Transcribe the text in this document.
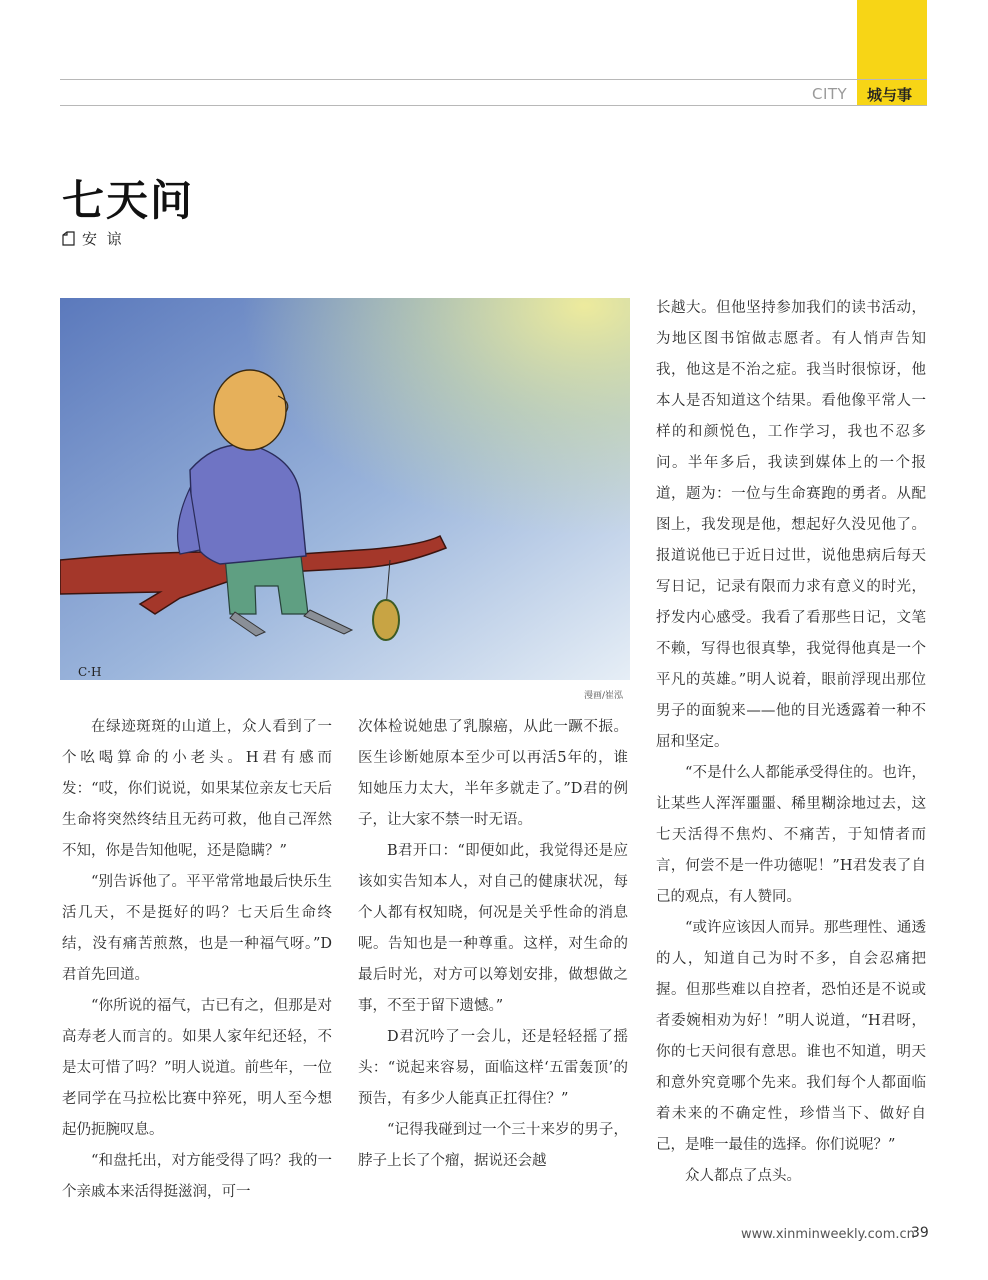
CITY 城与事
七天问
安  谅
C·H
漫画/崔泓

在绿迹斑斑的山道上，众人看到了一个吆喝算命的小老头。H君有感而发：“哎，你们说说，如果某位亲友七天后生命将突然终结且无药可救，他自己浑然不知，你是告知他呢，还是隐瞒？”

“别告诉他了。平平常常地最后快乐生活几天，不是挺好的吗？七天后生命终结，没有痛苦煎熬，也是一种福气呀。”D君首先回道。

“你所说的福气，古已有之，但那是对高寿老人而言的。如果人家年纪还轻，不是太可惜了吗？”明人说道。前些年，一位老同学在马拉松比赛中猝死，明人至今想起仍扼腕叹息。

“和盘托出，对方能受得了吗？我的一个亲戚本来活得挺滋润，可一

次体检说她患了乳腺癌，从此一蹶不振。医生诊断她原本至少可以再活5年的，谁知她压力太大，半年多就走了。”D君的例子，让大家不禁一时无语。

B君开口：“即便如此，我觉得还是应该如实告知本人，对自己的健康状况，每个人都有权知晓，何况是关乎性命的消息呢。告知也是一种尊重。这样，对生命的最后时光，对方可以筹划安排，做想做之事，不至于留下遗憾。”

D君沉吟了一会儿，还是轻轻摇了摇头：“说起来容易，面临这样‘五雷轰顶’的预告，有多少人能真正扛得住？”

“记得我碰到过一个三十来岁的男子，脖子上长了个瘤，据说还会越

长越大。但他坚持参加我们的读书活动，为地区图书馆做志愿者。有人悄声告知我，他这是不治之症。我当时很惊讶，他本人是否知道这个结果。看他像平常人一样的和颜悦色，工作学习，我也不忍多问。半年多后，我读到媒体上的一个报道，题为：一位与生命赛跑的勇者。从配图上，我发现是他，想起好久没见他了。报道说他已于近日过世，说他患病后每天写日记，记录有限而力求有意义的时光，抒发内心感受。我看了看那些日记，文笔不赖，写得也很真挚，我觉得他真是一个平凡的英雄。”明人说着，眼前浮现出那位男子的面貌来——他的目光透露着一种不屈和坚定。

“不是什么人都能承受得住的。也许，让某些人浑浑噩噩、稀里糊涂地过去，这七天活得不焦灼、不痛苦，于知情者而言，何尝不是一件功德呢！”H君发表了自己的观点，有人赞同。

“或许应该因人而异。那些理性、通透的人，知道自己为时不多，自会忍痛把握。但那些难以自控者，恐怕还是不说或者委婉相劝为好！”明人说道，“H君呀，你的七天问很有意思。谁也不知道，明天和意外究竟哪个先来。我们每个人都面临着未来的不确定性，珍惜当下、做好自己，是唯一最佳的选择。你们说呢？”

众人都点了点头。

www.xinminweekly.com.cn
39
